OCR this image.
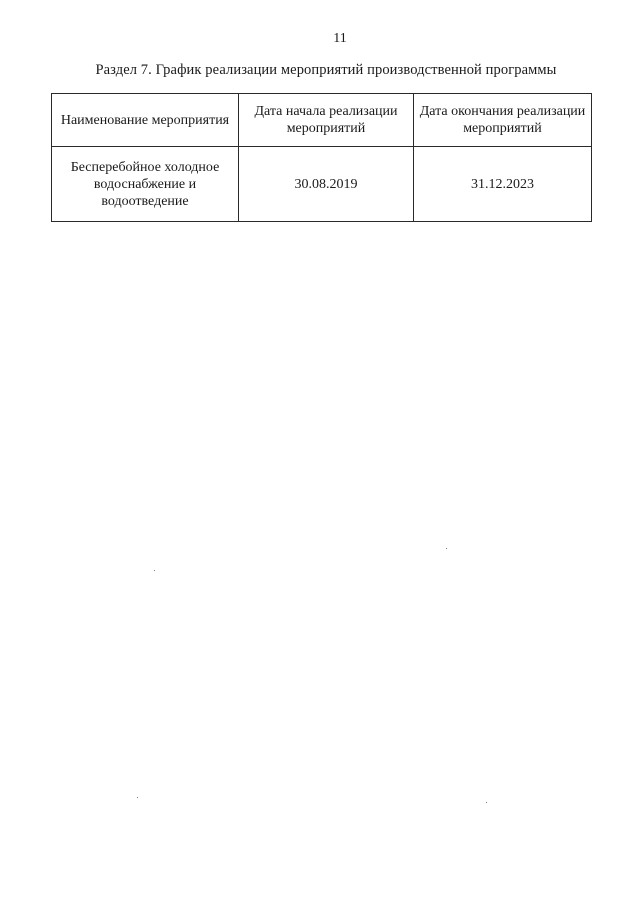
11
Раздел 7. График реализации мероприятий производственной программы
Наименование мероприятия	Дата начала реализации мероприятий	Дата окончания реализации мероприятий
Бесперебойное холодное водоснабжение и водоотведение	30.08.2019	31.12.2023
